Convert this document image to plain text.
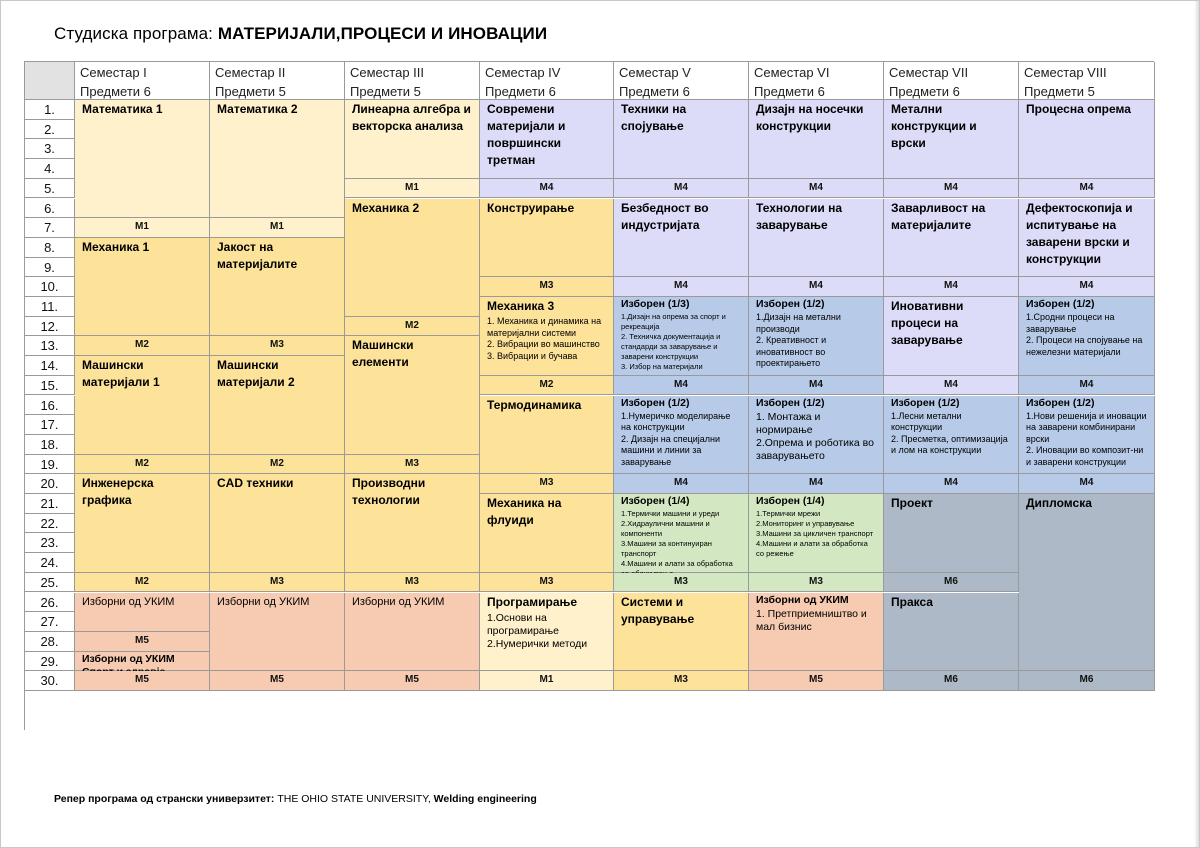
Студиска програма: МАТЕРИЈАЛИ,ПРОЦЕСИ И ИНОВАЦИИ
Семестар I
Предмети 6
Семестар II
Предмети 5
Семестар III
Предмети 5
Семестар IV
Предмети 6
Семестар V
Предмети 6
Семестар VI
Предмети 6
Семестар VII
Предмети 6
Семестар VIII
Предмети 5
1.
2.
3.
4.
5.
6.
7.
8.
9.
10.
11.
12.
13.
14.
15.
16.
17.
18.
19.
20.
21.
22.
23.
24.
25.
26.
27.
28.
29.
30.
Математика 1
М1
Механика 1
М2
Машински материјали 1
М2
Инженерска графика
М2
Изборни од УКИМ
М5
Изборни од УКИМ
М5
Математика 2
М1
Јакост на материјалите
М3
Машински материјали 2
М2
CAD техники
М3
Изборни од УКИМ
М5
Линеарна алгебра и векторска анализа
М1
Механика 2
М2
Машински елементи
М3
Производни технологии
М3
Изборни од УКИМ
М5
Современи материјали и површински третман
М4
Конструирање
М3
Механика 3
1. Механика и динамика на материјални системи
2. Вибрации во машинство
3. Вибрации и бучава
М2
Термодинамика
М3
Механика на флуиди
М3
Програмирање
1.Основи на програмирање
2.Нумерички методи
М1
Техники на спојување
М4
Безбедност во индустријата
М4
Изборен (1/3)
1.Дизајн на опрема за спорт и рекреација
2. Техничка документација и стандарди за заварување и заварени конструкции
3. Избор на материјали
М4
Изборен (1/2)
1.Нумеричко моделирање на конструкции
2. Дизајн на специјални машини и линии за заварување
М4
Изборен (1/4)
1.Термички машини и уреди
2.Хидраулични машини и компоненти
3.Машини за континуиран транспорт
4.Машини и алати за обработка
М3
Системи и управување
М3
Дизајн на носечки конструкции
М4
Технологии на заварување
М4
Изборен (1/2)
1.Дизајн на метални производи
2. Креативност и иновативност во проектирањето
М4
Изборен (1/2)
1. Монтажа и нормирање
2.Опрема и роботика во заварувањето
М4
Изборен (1/4)
1.Термички мрежи
2.Мониторинг и управување
3.Машини за цикличен транспорт
4.Машини и алати за обработка со режење
М3
Изборни од УКИМ
1. Претприемништво и мал бизнис
М5
Метални конструкции и врски
М4
Заварливост на материјалите
М4
Иновативни процеси на заварување
М4
Изборен (1/2)
1.Лесни метални конструкции
2. Пресметка, оптимизација и лом на конструкции
М4
Проект
М6
Пракса
М6
Процесна опрема
М4
Дефектоскопија и испитување на заварени врски и конструкции
М4
Изборен (1/2)
1.Сродни процеси на заварување
2. Процеси на спојување на нежелезни материјали
М4
Изборен (1/2)
1.Нови решенија и иновации на заварени комбинирани врски
2. Иновации во композит-ни и заварени конструкции
М4
Дипломска
М6
Репер програма од странски универзитет: THE OHIO STATE UNIVERSITY, Welding engineering
